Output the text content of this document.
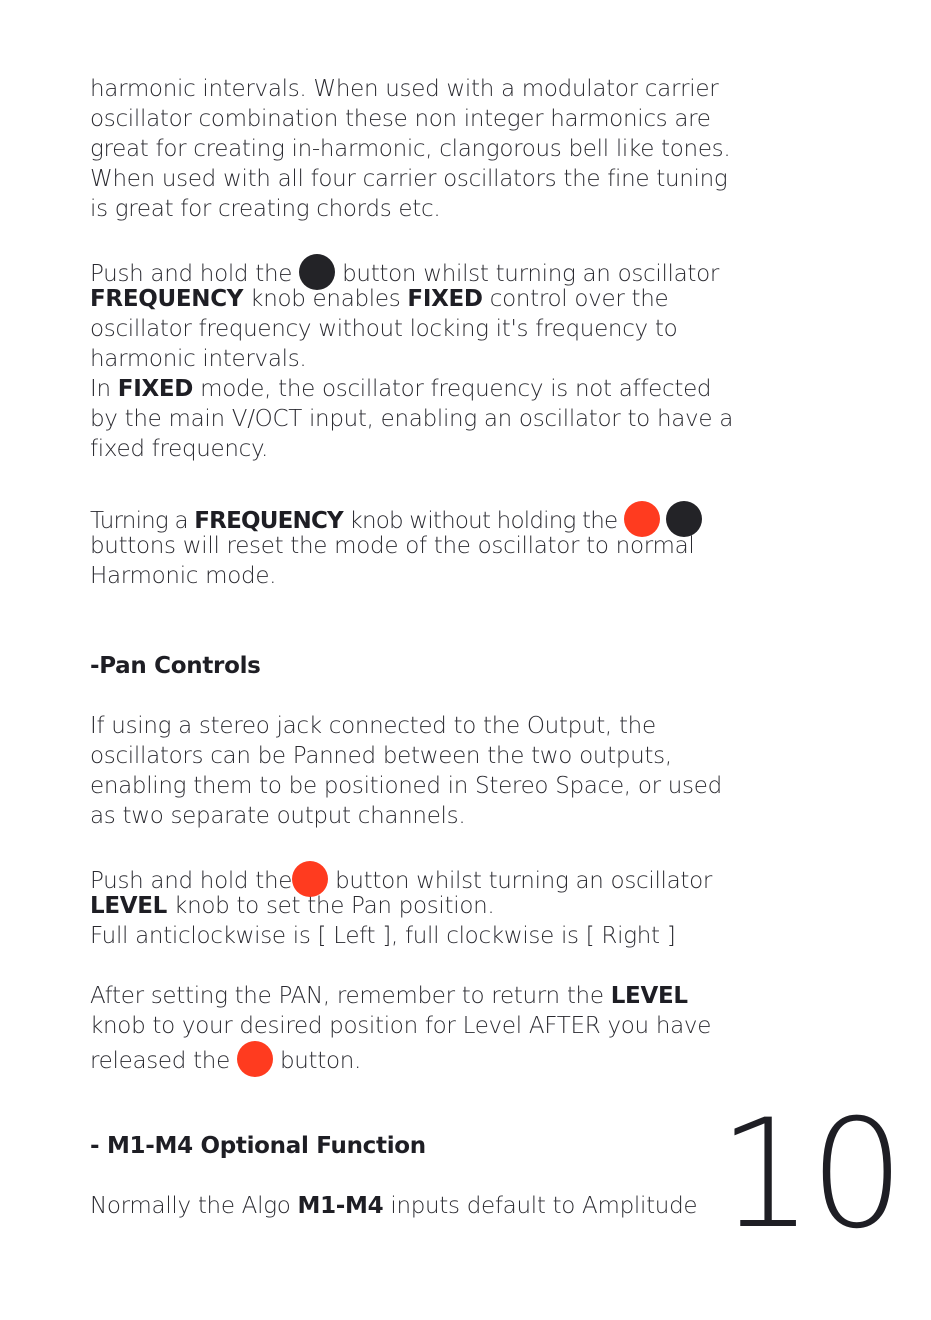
harmonic intervals. When used with a modulator carrier
oscillator combination these non integer harmonics are
great for creating in-harmonic, clangorous bell like tones.
When used with all four carrier oscillators the fine tuning
is great for creating chords etc.
Push and hold the button whilst turning an oscillator
FREQUENCY knob enables FIXED control over the
oscillator frequency without locking it's frequency to
harmonic intervals.
In FIXED mode, the oscillator frequency is not affected
by the main V/OCT input, enabling an oscillator to have a
fixed frequency.
Turning a FREQUENCY knob without holding the
buttons will reset the mode of the oscillator to normal
Harmonic mode.
-Pan Controls
If using a stereo jack connected to the Output, the
oscillators can be Panned between the two outputs,
enabling them to be positioned in Stereo Space, or used
as two separate output channels.
Push and hold the button whilst turning an oscillator
LEVEL knob to set the Pan position.
Full anticlockwise is [ Left ], full clockwise is [ Right ]
After setting the PAN, remember to return the LEVEL
knob to your desired position for Level AFTER you have
released the button.
- M1-M4 Optional Function
Normally the Algo M1-M4 inputs default to Amplitude 10
